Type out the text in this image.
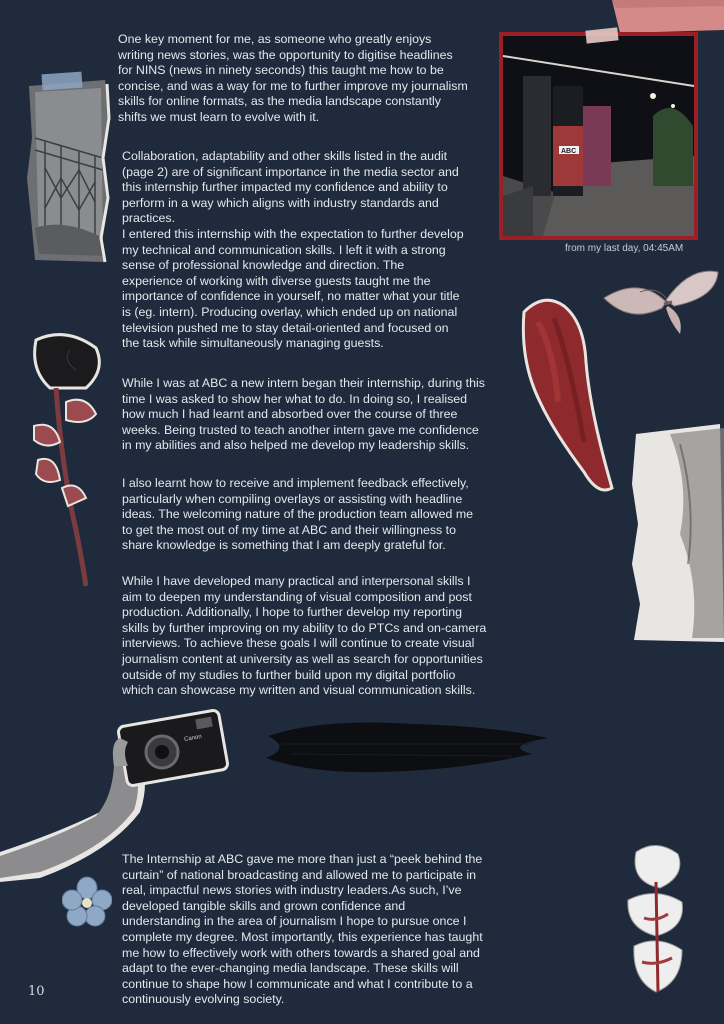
ABC
from my last day, 04:45AM
Canon

One key moment for me, as someone who greatly enjoys
writing news stories, was the opportunity to digitise headlines
for NINS (news in ninety seconds) this taught me how to be
concise, and was a way for me to further improve my journalism
skills for online formats, as the media landscape constantly
shifts we must learn to evolve with it.

Collaboration, adaptability and other skills listed in the audit
(page 2) are of significant importance in the media sector and
this internship further impacted my confidence and ability to
perform in a way which aligns with industry standards and
practices.
I entered this internship with the expectation to further develop
my technical and communication skills. I left it with a strong
sense of professional knowledge and direction. The
experience of working with diverse guests taught me the
importance of confidence in yourself, no matter what your title
is (eg. intern). Producing overlay, which ended up on national
television pushed me to stay detail-oriented and focused on
the task while simultaneously managing guests.

While I was at ABC a new intern began their internship, during this
time I was asked to show her what to do. In doing so, I realised
how much I had learnt and absorbed over the course of three
weeks. Being trusted to teach another intern gave me confidence
in my abilities and also helped me develop my leadership skills.

I also learnt how to receive and implement feedback effectively,
particularly when compiling overlays or assisting with headline
ideas. The welcoming nature of the production team allowed me
to get the most out of my time at ABC and their willingness to
share knowledge is something that I am deeply grateful for.

While I have developed many practical and interpersonal skills I
aim to deepen my understanding of visual composition and post
production. Additionally, I hope to further develop my reporting
skills by further improving on my ability to do PTCs and on-camera
interviews. To achieve these goals I will continue to create visual
journalism content at university as well as search for opportunities
outside of my studies to further build upon my digital portfolio
which can showcase my written and visual communication skills.

The Internship at ABC gave me more than just a “peek behind the
curtain” of national broadcasting and allowed me to participate in
real, impactful news stories with industry leaders.As such, I’ve
developed tangible skills and grown confidence and
understanding in the area of journalism I hope to pursue once I
complete my degree. Most importantly, this experience has taught
me how to effectively work with others towards a shared goal and
adapt to the ever-changing media landscape. These skills will
continue to shape how I communicate and what I contribute to a
continuously evolving society.

10
